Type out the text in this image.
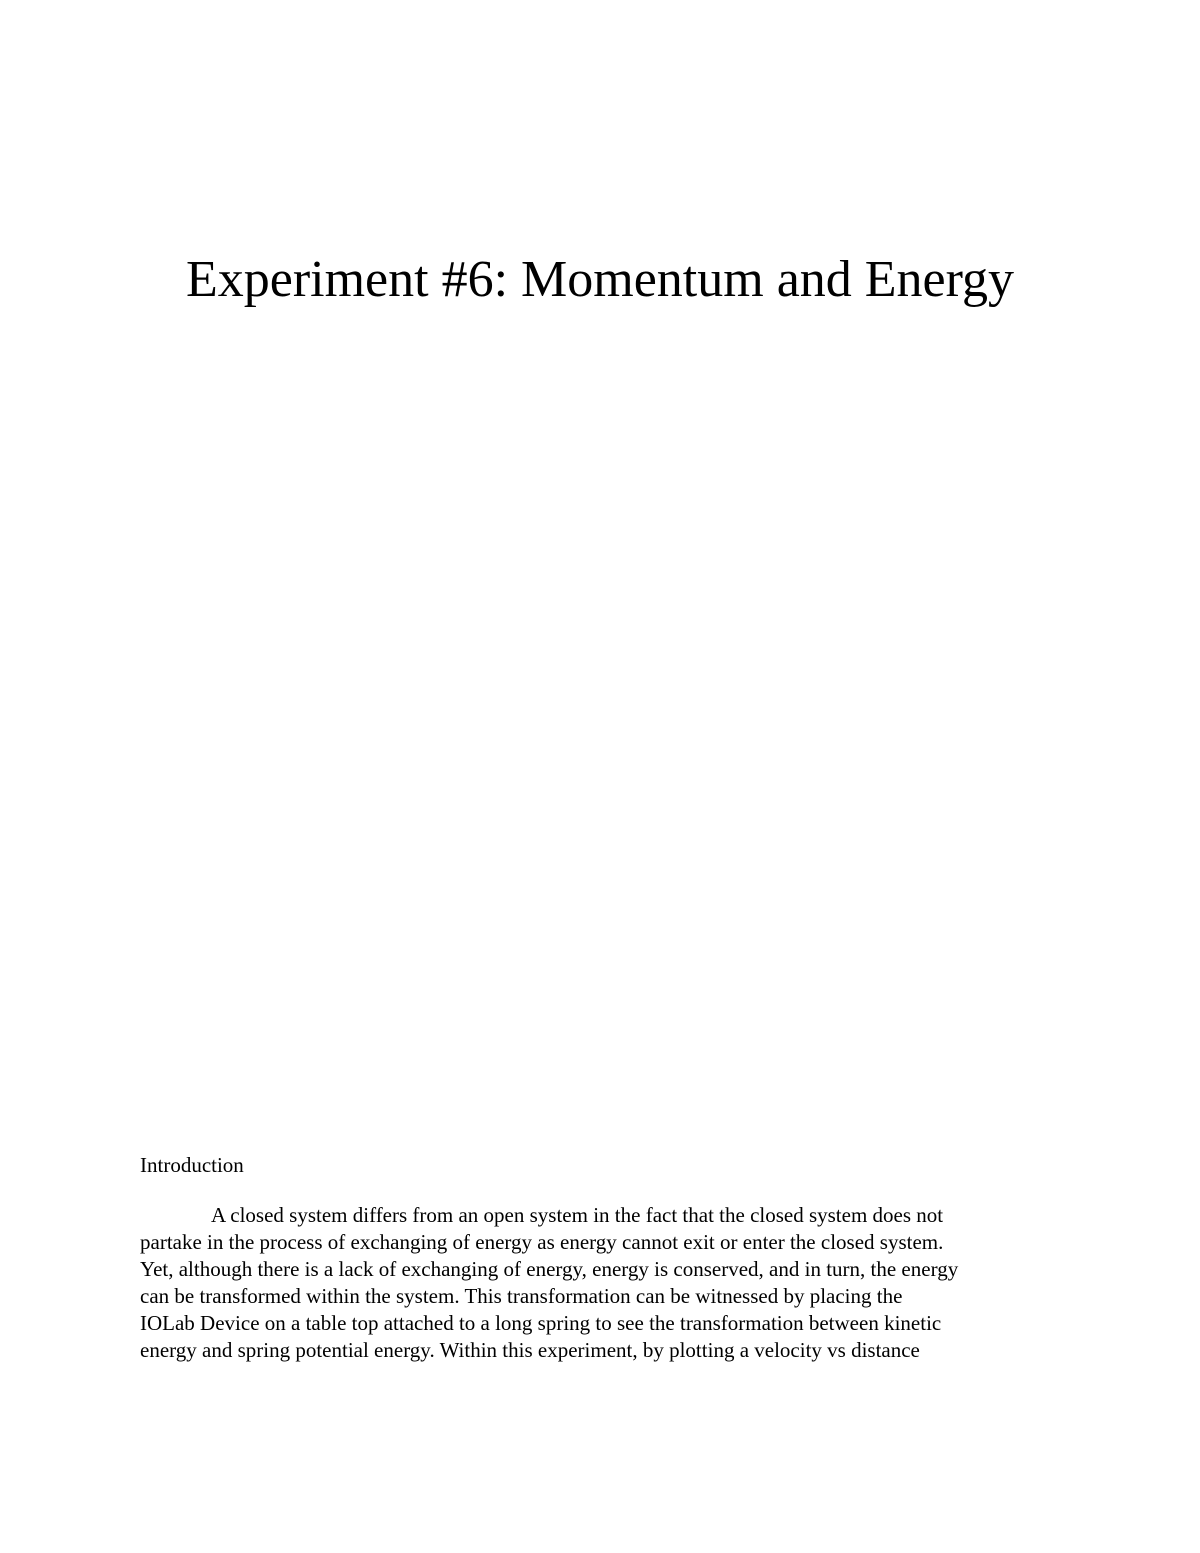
Experiment #6: Momentum and Energy
Introduction
A closed system differs from an open system in the fact that the closed system does not
partake in the process of exchanging of energy as energy cannot exit or enter the closed system.
Yet, although there is a lack of exchanging of energy, energy is conserved, and in turn, the energy
can be transformed within the system. This transformation can be witnessed by placing the
IOLab Device on a table top attached to a long spring to see the transformation between kinetic
energy and spring potential energy. Within this experiment, by plotting a velocity vs distance
